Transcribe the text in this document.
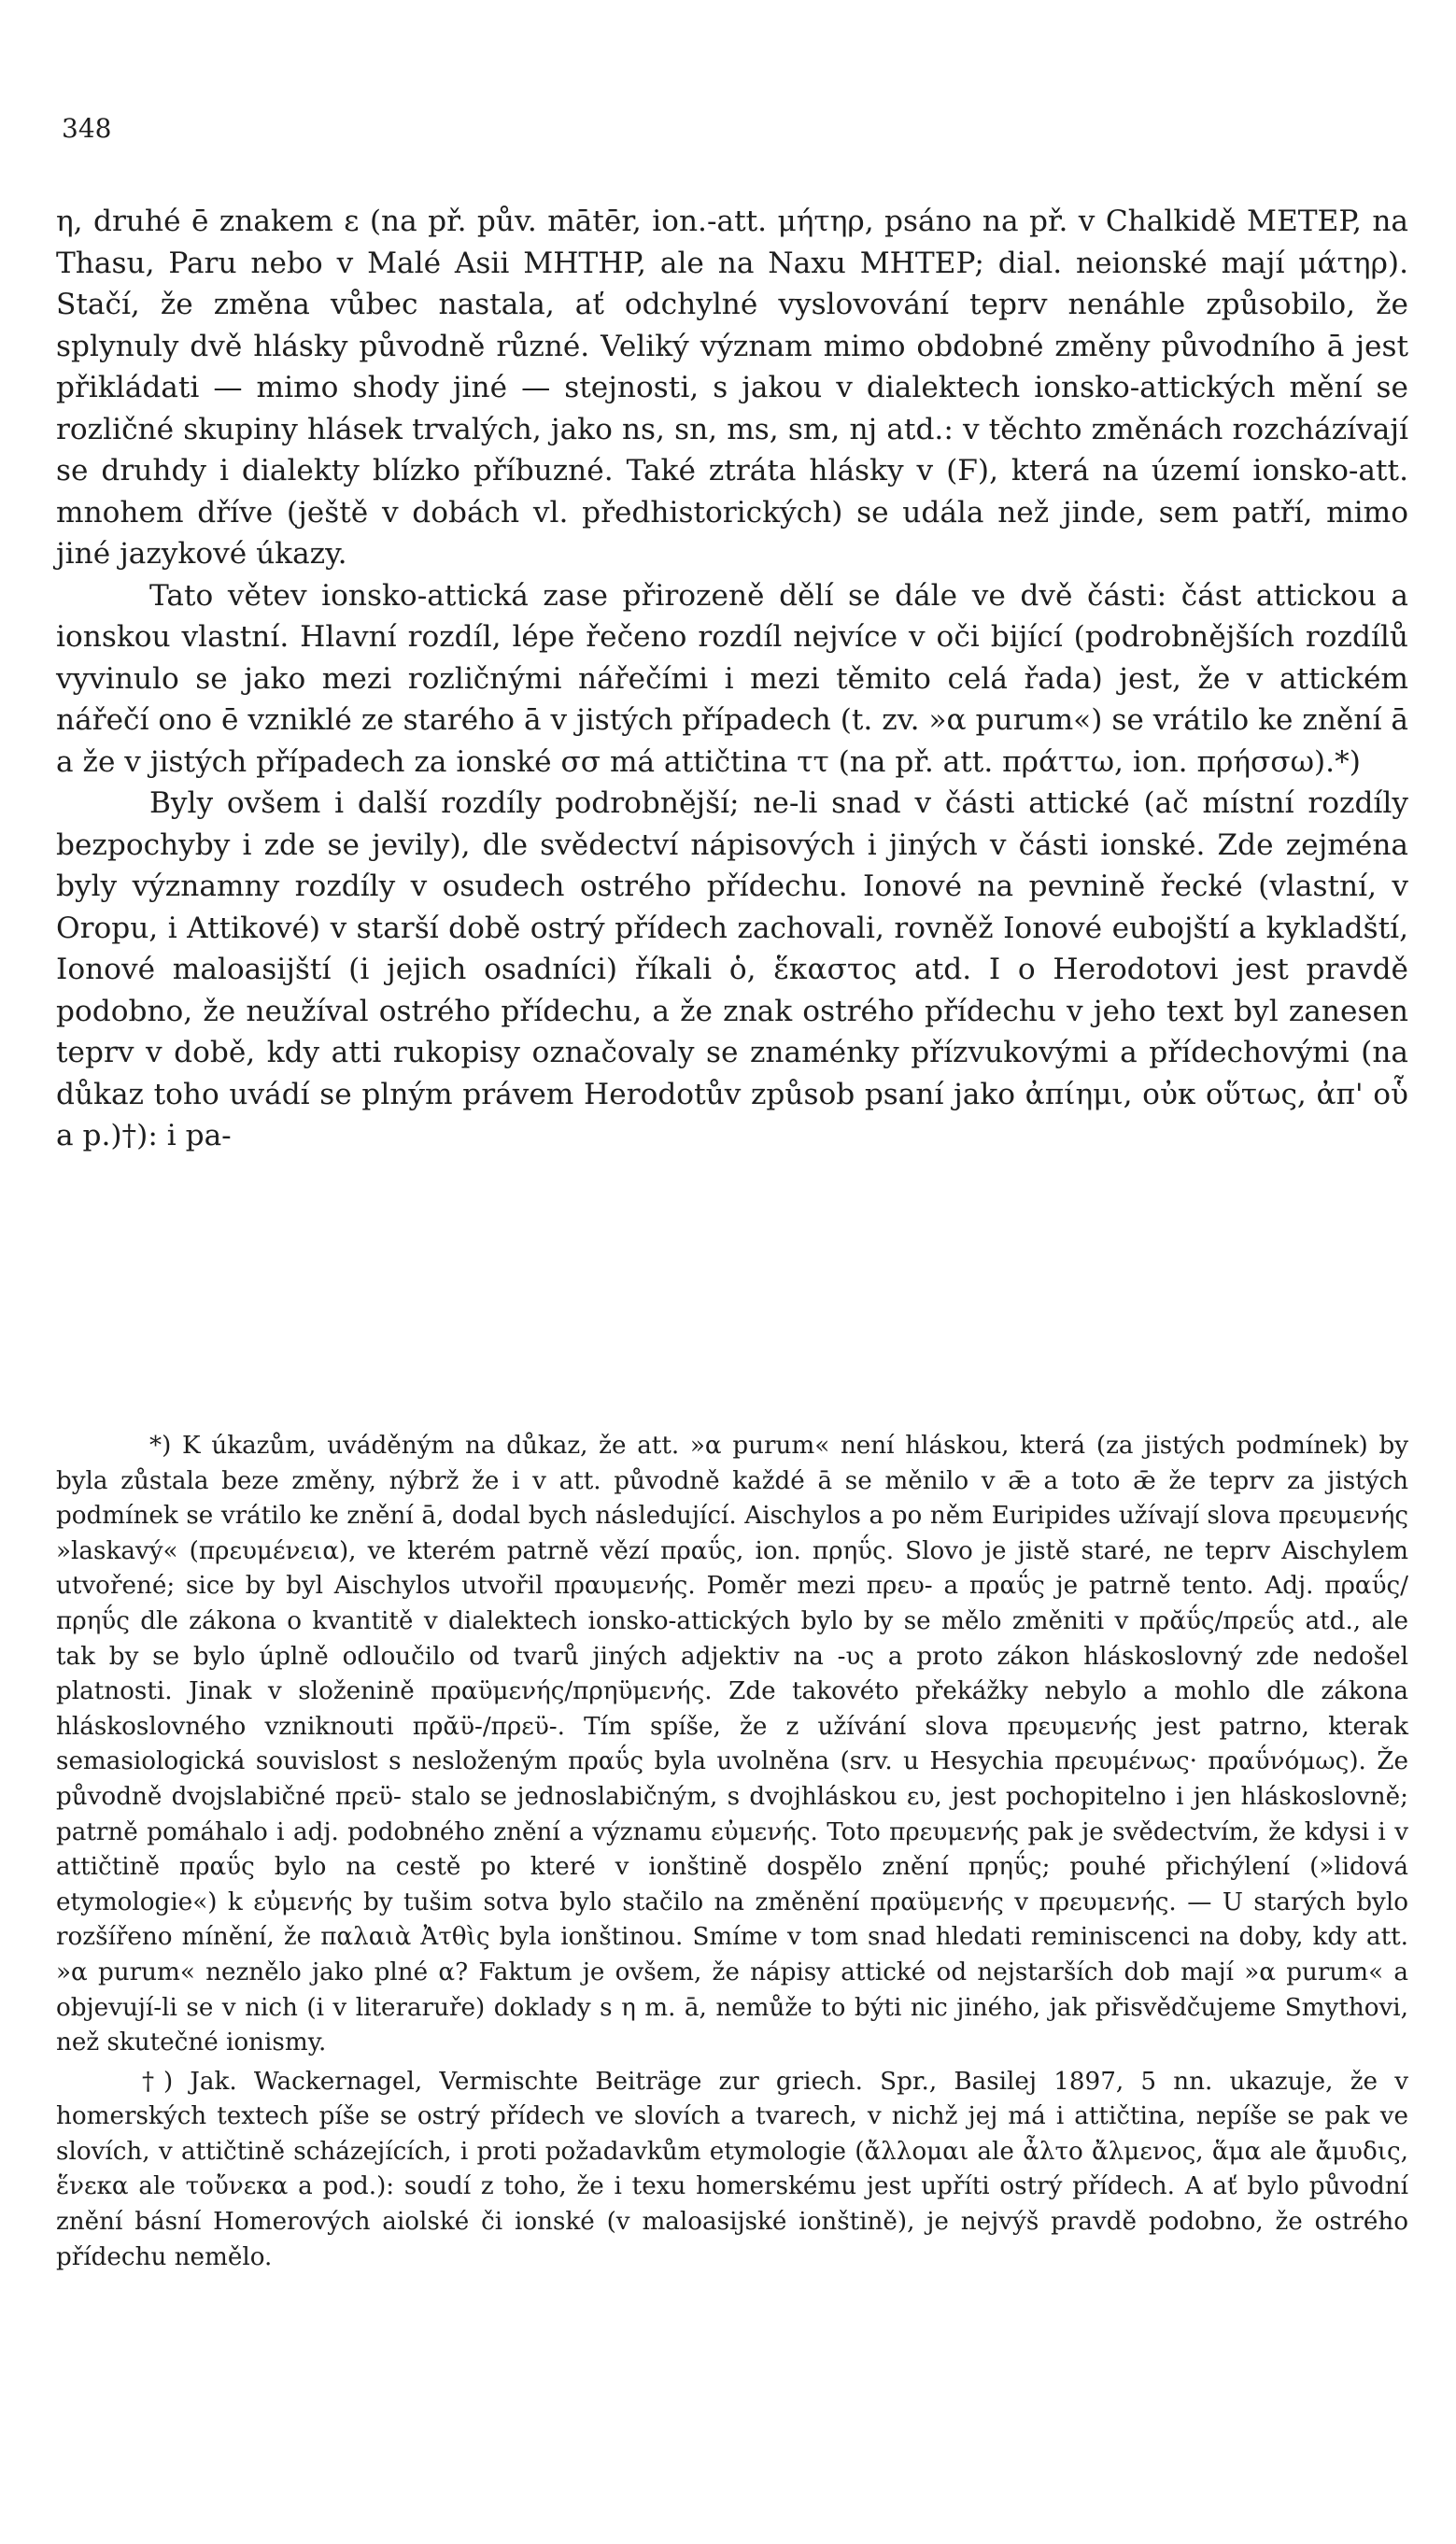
348

η, druhé ē znakem ε (na př. pův. mātēr, ion.-att. μήτηρ, psáno na př. v Chalkidě METEP, na Thasu, Paru nebo v Malé Asii MHTHP, ale na Naxu MHTEP; dial. neionské mají μάτηρ). Stačí, že změna vůbec nastala, ať odchylné vyslovování teprv nenáhle způsobilo, že splynuly dvě hlásky původně různé. Veliký význam mimo obdobné změny původního ā jest přikládati — mimo shody jiné — stejnosti, s jakou v dialektech ionsko-attických mění se rozličné skupiny hlásek trvalých, jako ns, sn, ms, sm, nj atd.: v těchto změnách rozcházívají se druhdy i dialekty blízko příbuzné. Také ztráta hlásky v (Ϝ), která na území ionsko-att. mnohem dříve (ještě v dobách vl. předhistorických) se udála než jinde, sem patří, mimo jiné jazykové úkazy.

Tato větev ionsko-attická zase přirozeně dělí se dále ve dvě části: část attickou a ionskou vlastní. Hlavní rozdíl, lépe řečeno rozdíl nejvíce v oči bijící (podrobnějších rozdílů vyvinulo se jako mezi rozličnými nářečími i mezi těmito celá řada) jest, že v attickém nářečí ono ē vzniklé ze starého ā v jistých případech (t. zv. »α purum«) se vrátilo ke znění ā a že v jistých případech za ionské σσ má attičtina ττ (na př. att. πράττω, ion. πρήσσω).*)

Byly ovšem i další rozdíly podrobnější; ne-li snad v části attické (ač místní rozdíly bezpochyby i zde se jevily), dle svědectví nápisových i jiných v části ionské. Zde zejména byly významny rozdíly v osudech ostrého přídechu. Ionové na pevnině řecké (vlastní, v Oropu, i Attikové) v starší době ostrý přídech zachovali, rovněž Ionové eubojští a kykladští, Ionové maloasijští (i jejich osadníci) říkali ὁ, ἕκαστος atd. I o Herodotovi jest pravdě podobno, že neužíval ostrého přídechu, a že znak ostrého přídechu v jeho text byl zanesen teprv v době, kdy atti rukopisy označovaly se znaménky přízvukovými a přídechovými (na důkaz toho uvádí se plným právem Herodotův způsob psaní jako ἀπίημι, οὐκ οὕτως, ἀπ' οὗ a p.)†): i pa-

*) K úkazům, uváděným na důkaz, že att. »α purum« není hláskou, která (za jistých podmínek) by byla zůstala beze změny, nýbrž že i v att. původně každé ā se měnilo v ǣ a toto ǣ že teprv za jistých podmínek se vrátilo ke znění ā, dodal bych následující. Aischylos a po něm Euripides užívají slova πρευμενής »laskavý« (πρευμένεια), ve kterém patrně vězí πραΰς, ion. πρηΰς. Slovo je jistě staré, ne teprv Aischylem utvořené; sice by byl Aischylos utvořil πραυμενής. Poměr mezi πρευ- a πραΰς je patrně tento. Adj. πραΰς/πρηΰς dle zákona o kvantitě v dialektech ionsko-attických bylo by se mělo změniti v πρᾰΰς/πρεΰς atd., ale tak by se bylo úplně odloučilo od tvarů jiných adjektiv na -υς a proto zákon hláskoslovný zde nedošel platnosti. Jinak v složenině πραϋμενής/πρηϋμενής. Zde takovéto překážky nebylo a mohlo dle zákona hláskoslovného vzniknouti πρᾰϋ-/πρεϋ-. Tím spíše, že z užívání slova πρευμενής jest patrno, kterak semasiologická souvislost s nesloženým πραΰς byla uvolněna (srv. u Hesychia πρευμένως· πραΰνόμως). Že původně dvojslabičné πρεϋ- stalo se jednoslabičným, s dvojhláskou ευ, jest pochopitelno i jen hláskoslovně; patrně pomáhalo i adj. podobného znění a významu εὐμενής. Toto πρευμενής pak je svědectvím, že kdysi i v attičtině πραΰς bylo na cestě po které v ionštině dospělo znění πρηΰς; pouhé přichýlení (»lidová etymologie«) k εὐμενής by tušim sotva bylo stačilo na změnění πραϋμενής v πρευμενής. — U starých bylo rozšířeno mínění, že παλαιὰ Ἀτθὶς byla ionštinou. Smíme v tom snad hledati reminiscenci na doby, kdy att. »α purum« neznělo jako plné α? Faktum je ovšem, že nápisy attické od nejstarších dob mají »α purum« a objevují-li se v nich (i v literaruře) doklady s η m. ā, nemůže to býti nic jiného, jak přisvědčujeme Smythovi, než skutečné ionismy.

†) Jak. Wackernagel, Vermischte Beiträge zur griech. Spr., Basilej 1897, 5 nn. ukazuje, že v homerských textech píše se ostrý přídech ve slovích a tvarech, v nichž jej má i attičtina, nepíše se pak ve slovích, v attičtině scházejících, i proti požadavkům etymologie (ἄλλομαι ale ἆλτο ἄλμενος, ἅμα ale ἄμυδις, ἕνεκα ale τοὔνεκα a pod.): soudí z toho, že i texu homerskému jest upříti ostrý přídech. A ať bylo původní znění básní Homerových aiolské či ionské (v maloasijské ionštině), je nejvýš pravdě podobno, že ostrého přídechu nemělo.
